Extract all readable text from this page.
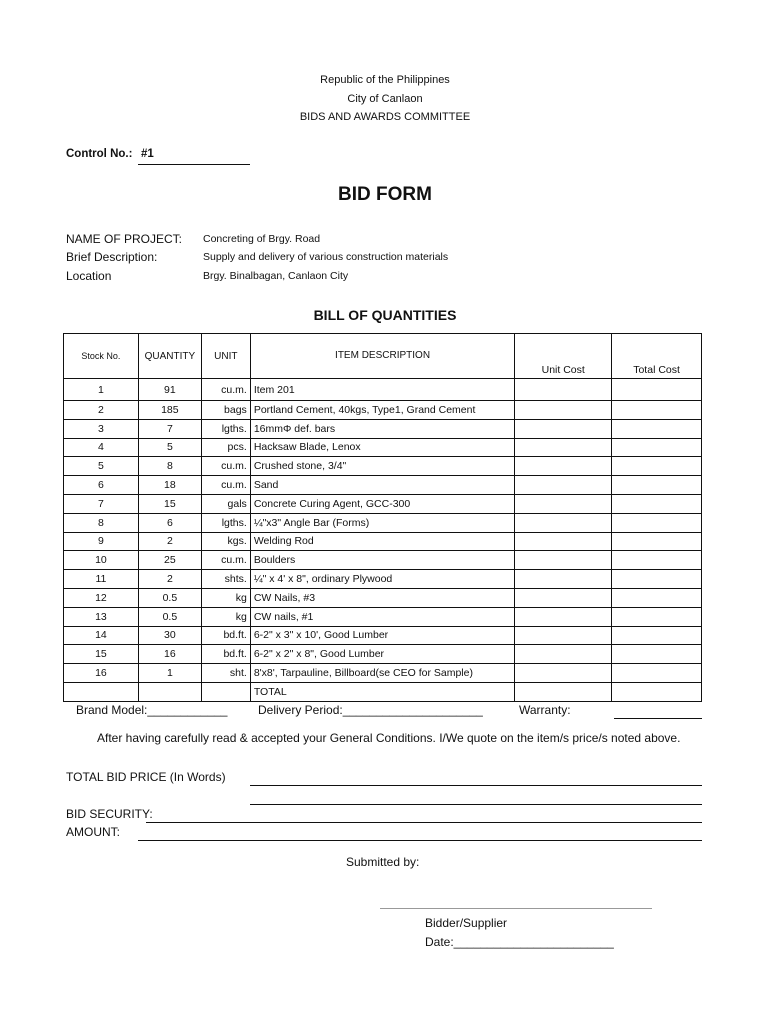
Republic of the Philippines
City of Canlaon
BIDS AND AWARDS COMMITTEE
Control No.: #1
BID FORM
NAME OF PROJECT: Concreting of Brgy. Road
Brief Description:	Supply and delivery of various construction materials
Location	Brgy. Binalbagan, Canlaon City
BILL OF QUANTITIES
Stock No.	QUANTITY	UNIT	ITEM DESCRIPTION	Unit Cost	Total Cost
1	91	cu.m.	Item 201		
2	185	bags	Portland Cement, 40kgs, Type1, Grand Cement		
3	7	lgths.	16mmΦ def. bars		
4	5	pcs.	Hacksaw Blade, Lenox		
5	8	cu.m.	Crushed stone, 3/4"		
6	18	cu.m.	Sand		
7	15	gals	Concrete Curing Agent, GCC-300		
8	6	lgths.	¼"x3" Angle Bar (Forms)		
9	2	kgs.	Welding Rod		
10	25	cu.m.	Boulders		
11	2	shts.	¼" x 4' x 8", ordinary Plywood		
12	0.5	kg	CW Nails, #3		
13	0.5	kg	CW nails, #1		
14	30	bd.ft.	6-2" x 3" x 10', Good Lumber		
15	16	bd.ft.	6-2" x 2" x 8", Good Lumber		
16	1	sht.	8'x8', Tarpauline, Billboard(se CEO for Sample)		
			TOTAL		
Brand Model:____________	Delivery Period:_____________________	Warranty:
After having carefully read & accepted your General Conditions. I/We quote on the item/s price/s noted above.
TOTAL BID PRICE (In Words)
BID SECURITY:
AMOUNT:
Submitted by:
Bidder/Supplier
Date:________________________
